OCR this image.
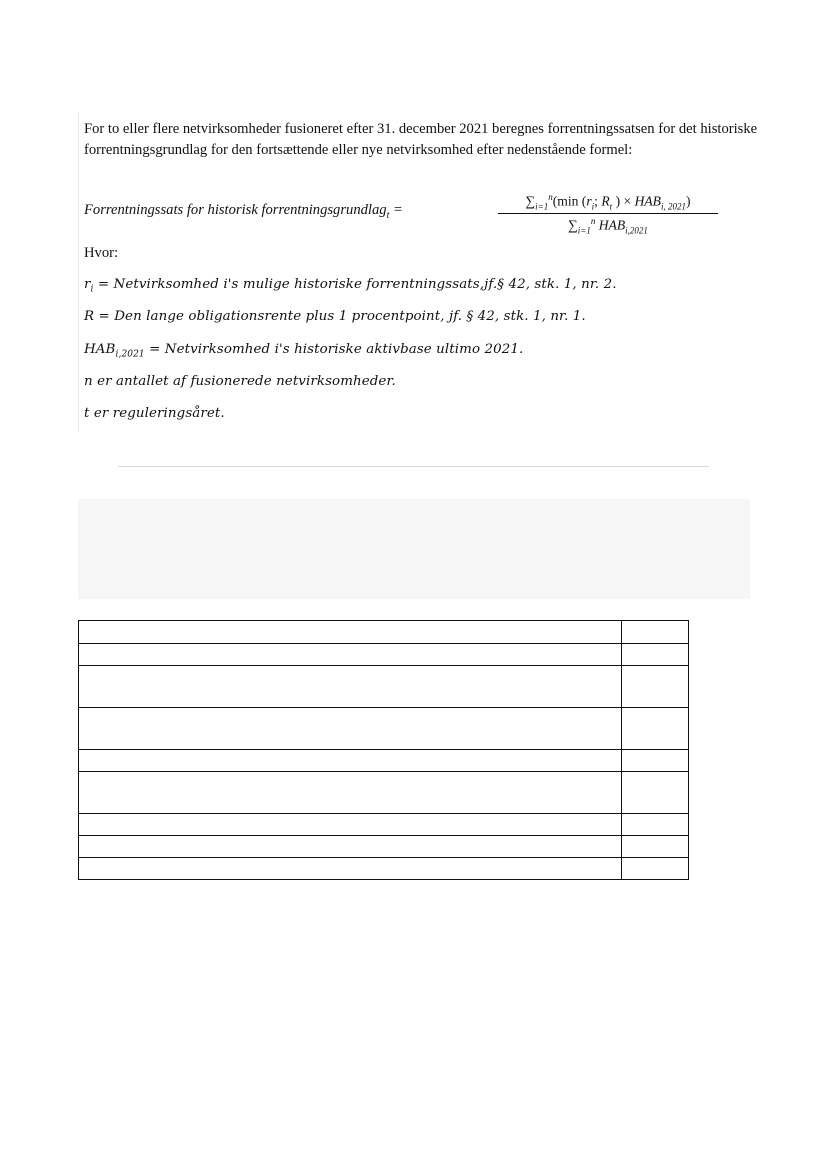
For to eller flere netvirksomheder fusioneret efter 31. december 2021 beregnes forrentningssatsen for det historiske forrentningsgrundlag for den fortsættende eller nye netvirksomhed efter nedenstående formel:

Forrentningssats for historisk forrentningsgrundlag$_t$ =
$\sum_{i=1}^n(\min$ ($r_i$; $R_t$ ) × $HAB_{i, 2021}$)
$\sum_{i=1}^n$ $HAB_{i,2021}$
Hvor:
$r_i$ = Netvirksomhed i's mulige historiske forrentningssats,jf.§ 42, stk. 1, nr. 2.
R = Den lange obligationsrente plus 1 procentpoint, jf. § 42, stk. 1, nr. 1.
$HAB_{i,2021}$ = Netvirksomhed i's historiske aktivbase ultimo 2021.
n er antallet af fusionerede netvirksomheder.
t er reguleringsåret.
